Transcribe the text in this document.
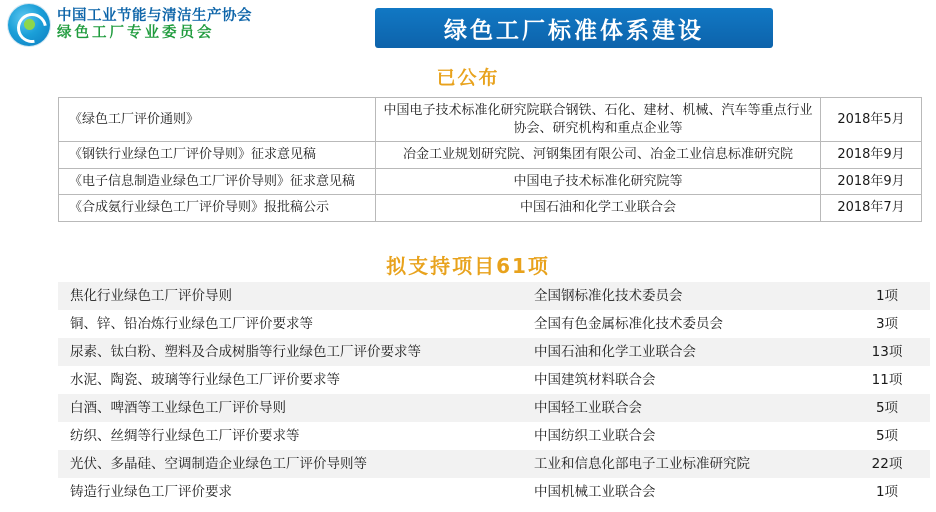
中国工业节能与清洁生产协会
绿色工厂专业委员会	绿色工厂标准体系建设
已公布
《绿色工厂评价通则》	中国电子技术标准化研究院联合钢铁、石化、建材、机械、汽车等重点行业协会、研究机构和重点企业等	2018年5月
《钢铁行业绿色工厂评价导则》征求意见稿	冶金工业规划研究院、河钢集团有限公司、冶金工业信息标准研究院	2018年9月
《电子信息制造业绿色工厂评价导则》征求意见稿	中国电子技术标准化研究院等	2018年9月
《合成氨行业绿色工厂评价导则》报批稿公示	中国石油和化学工业联合会	2018年7月
拟支持项目61项
焦化行业绿色工厂评价导则	全国钢标准化技术委员会	1项
铜、锌、铅冶炼行业绿色工厂评价要求等	全国有色金属标准化技术委员会	3项
尿素、钛白粉、塑料及合成树脂等行业绿色工厂评价要求等	中国石油和化学工业联合会	13项
水泥、陶瓷、玻璃等行业绿色工厂评价要求等	中国建筑材料联合会	11项
白酒、啤酒等工业绿色工厂评价导则	中国轻工业联合会	5项
纺织、丝绸等行业绿色工厂评价要求等	中国纺织工业联合会	5项
光伏、多晶硅、空调制造企业绿色工厂评价导则等	工业和信息化部电子工业标准研究院	22项
铸造行业绿色工厂评价要求	中国机械工业联合会	1项
